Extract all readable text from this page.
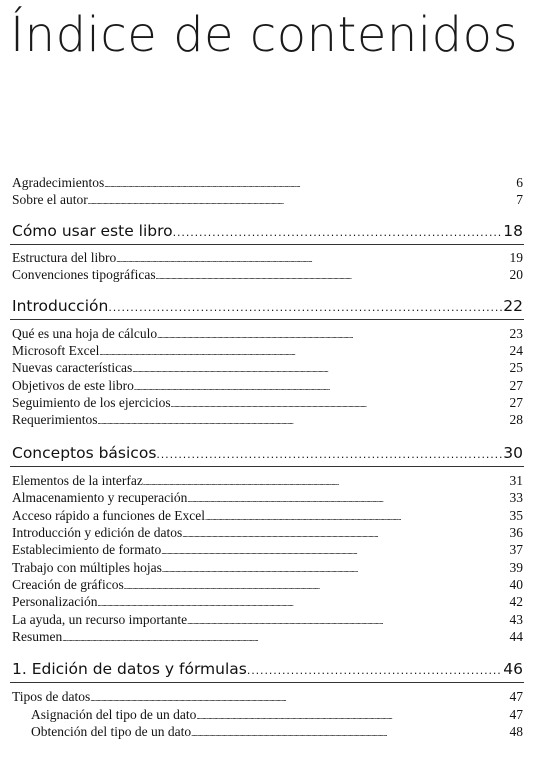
Índice de contenidos
Agradecimientos . . .	6
Sobre el autor . . .	7
Cómo usar este libro . . .	18
Estructura del libro . . .	19
Convenciones tipográficas . . .	20
Introducción . . .	22
Qué es una hoja de cálculo . . .	23
Microsoft Excel . . .	24
Nuevas características . . .	25
Objetivos de este libro . . .	27
Seguimiento de los ejercicios . . .	27
Requerimientos . . .	28
Conceptos básicos . . .	30
Elementos de la interfaz . . .	31
Almacenamiento y recuperación . . .	33
Acceso rápido a funciones de Excel . . .	35
Introducción y edición de datos . . .	36
Establecimiento de formato . . .	37
Trabajo con múltiples hojas . . .	39
Creación de gráficos . . .	40
Personalización . . .	42
La ayuda, un recurso importante . . .	43
Resumen . . .	44
1. Edición de datos y fórmulas . . .	46
Tipos de datos . . .	47
Asignación del tipo de un dato . . .	47
Obtención del tipo de un dato . . .	48
